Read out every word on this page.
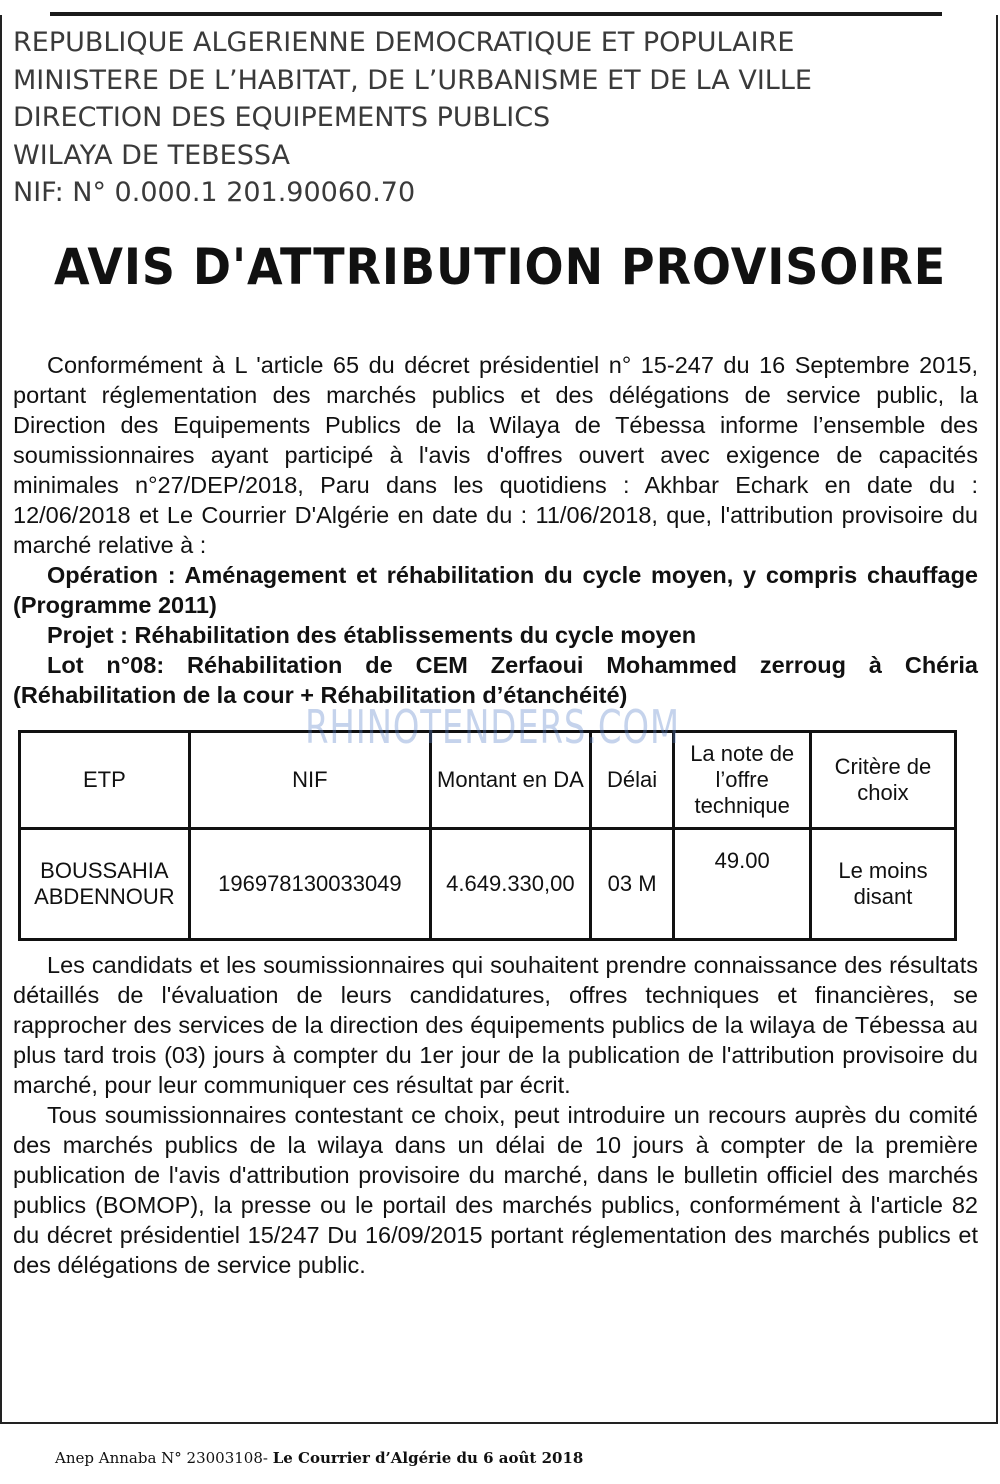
REPUBLIQUE ALGERIENNE DEMOCRATIQUE ET POPULAIRE
MINISTERE DE L’HABITAT, DE L’URBANISME ET DE LA VILLE
DIRECTION DES EQUIPEMENTS PUBLICS
WILAYA DE TEBESSA
NIF: N° 0.000.1 201.90060.70
AVIS D'ATTRIBUTION PROVISOIRE

Conformément à L 'article 65 du décret présidentiel n° 15-247 du 16 Septembre 2015, portant réglementation des marchés publics et des délégations de service public, la Direction des Equipements Publics de la Wilaya de Tébessa informe l’ensemble des soumissionnaires ayant participé à l'avis d'offres ouvert avec exigence de capacités minimales n°27/DEP/2018, Paru dans les quotidiens : Akhbar Echark en date du : 12/06/2018 et Le Courrier D'Algérie en date du : 11/06/2018, que, l'attribution provisoire du marché relative à :

Opération : Aménagement et réhabilitation du cycle moyen, y compris chauffage (Programme 2011)

Projet : Réhabilitation des établissements du cycle moyen

Lot n°08: Réhabilitation de CEM Zerfaoui Mohammed zerroug à Chéria (Réhabilitation de la cour + Réhabilitation d’étanchéité)

ETP	NIF	Montant en DA	Délai	La note de l’offre technique	Critère de choix
BOUSSAHIA ABDENNOUR	196978130033049	4.649.330,00	03 M	49.00	Le moins disant
RHINOTENDERS.COM

Les candidats et les soumissionnaires qui souhaitent prendre connaissance des résultats détaillés de l'évaluation de leurs candidatures, offres techniques et financières, se rapprocher des services de la direction des équipements publics de la wilaya de Tébessa au plus tard trois (03) jours à compter du 1er jour de la publication de l'attribution provisoire du marché, pour leur communiquer ces résultat par écrit.

Tous soumissionnaires contestant ce choix, peut introduire un recours auprès du comité des marchés publics de la wilaya dans un délai de 10 jours à compter de la première publication de l'avis d'attribution provisoire du marché, dans le bulletin officiel des marchés publics (BOMOP), la presse ou le portail des marchés publics, conformément à l'article 82 du décret présidentiel 15/247 Du 16/09/2015 portant réglementation des marchés publics et des délégations de service public.

Anep Annaba N° 23003108- Le Courrier d’Algérie du 6 août 2018
